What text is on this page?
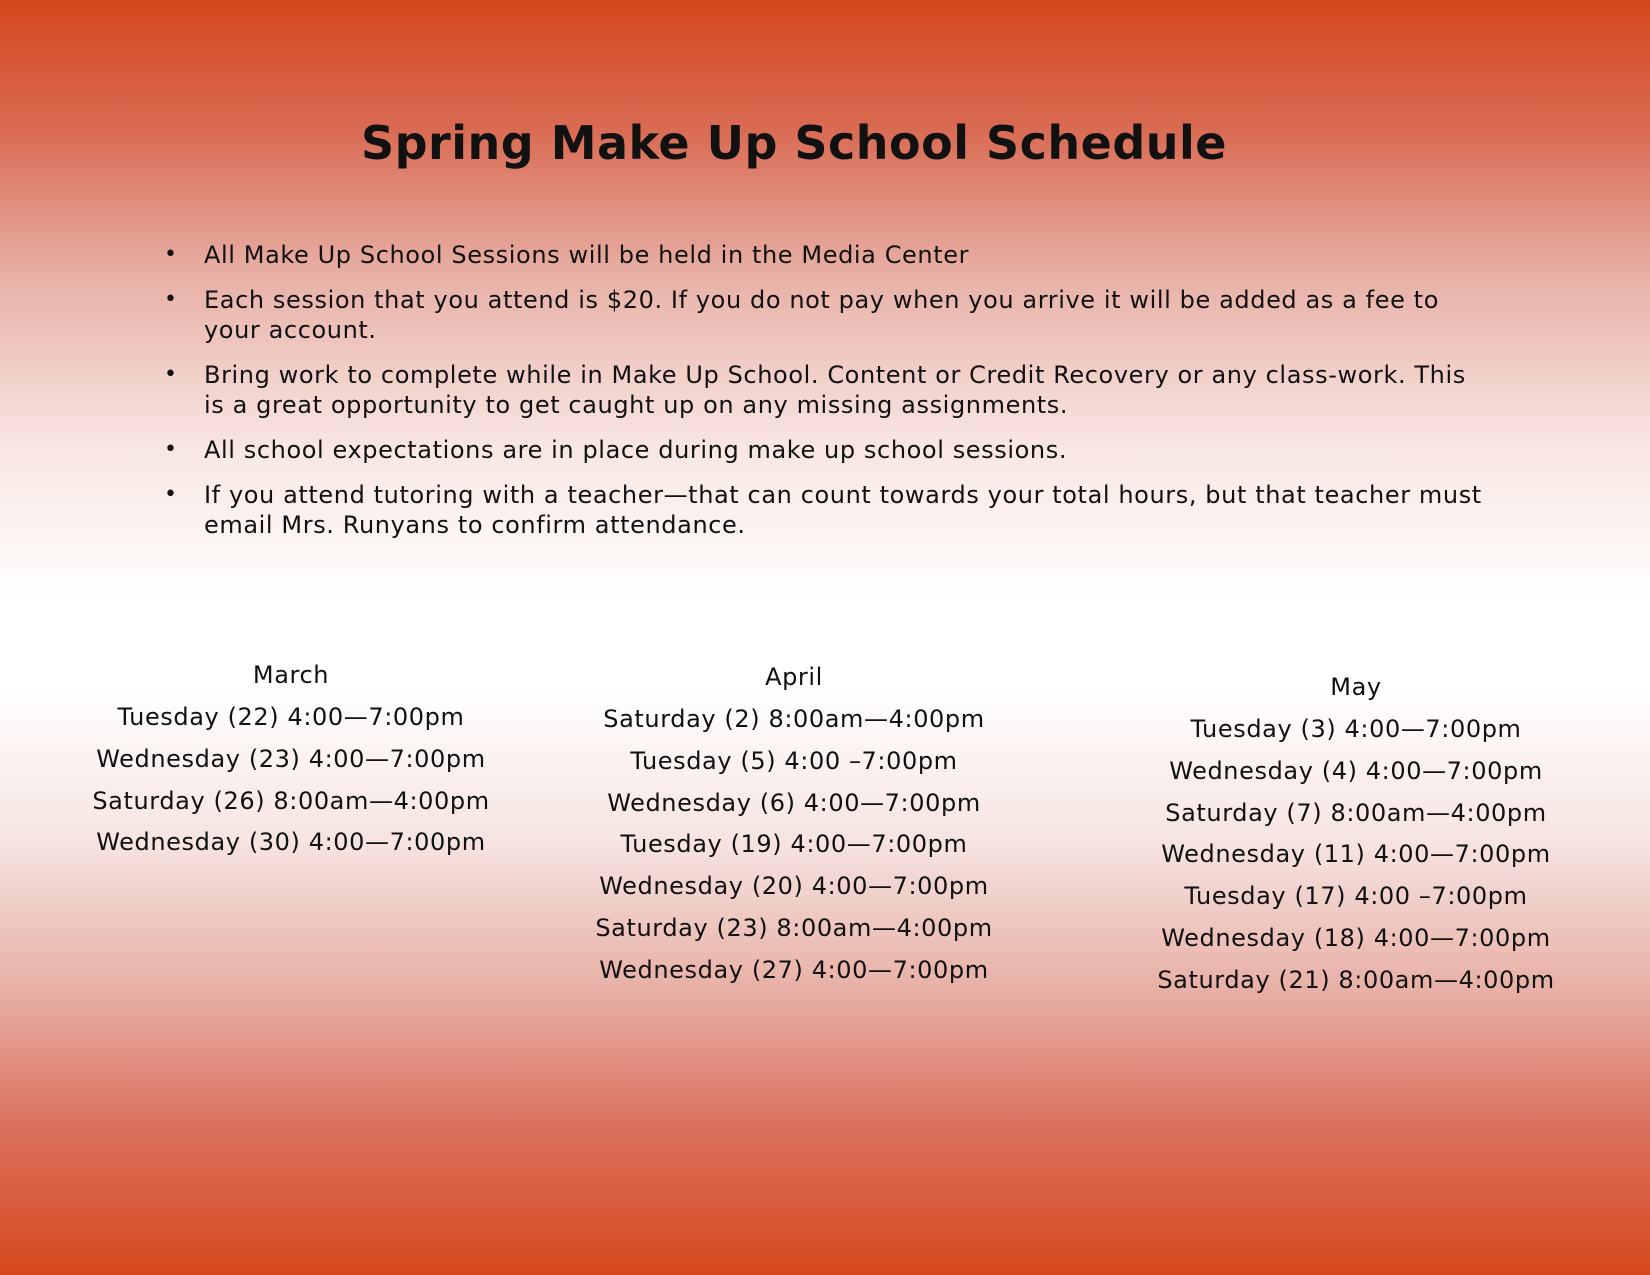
Spring Make Up School Schedule
• All Make Up School Sessions will be held in the Media Center
• Each session that you attend is $20. If you do not pay when you arrive it will be added as a fee to your account.
• Bring work to complete while in Make Up School. Content or Credit Recovery or any class-work. This is a great opportunity to get caught up on any missing assignments.
• All school expectations are in place during make up school sessions.
• If you attend tutoring with a teacher—that can count towards your total hours, but that teacher must email Mrs. Runyans to confirm attendance.
March
Tuesday (22) 4:00—7:00pm
Wednesday (23) 4:00—7:00pm
Saturday (26) 8:00am—4:00pm
Wednesday (30) 4:00—7:00pm
April
Saturday (2) 8:00am—4:00pm
Tuesday (5) 4:00 –7:00pm
Wednesday (6) 4:00—7:00pm
Tuesday (19) 4:00—7:00pm
Wednesday (20) 4:00—7:00pm
Saturday (23) 8:00am—4:00pm
Wednesday (27) 4:00—7:00pm
May
Tuesday (3) 4:00—7:00pm
Wednesday (4) 4:00—7:00pm
Saturday (7) 8:00am—4:00pm
Wednesday (11) 4:00—7:00pm
Tuesday (17) 4:00 –7:00pm
Wednesday (18) 4:00—7:00pm
Saturday (21) 8:00am—4:00pm
